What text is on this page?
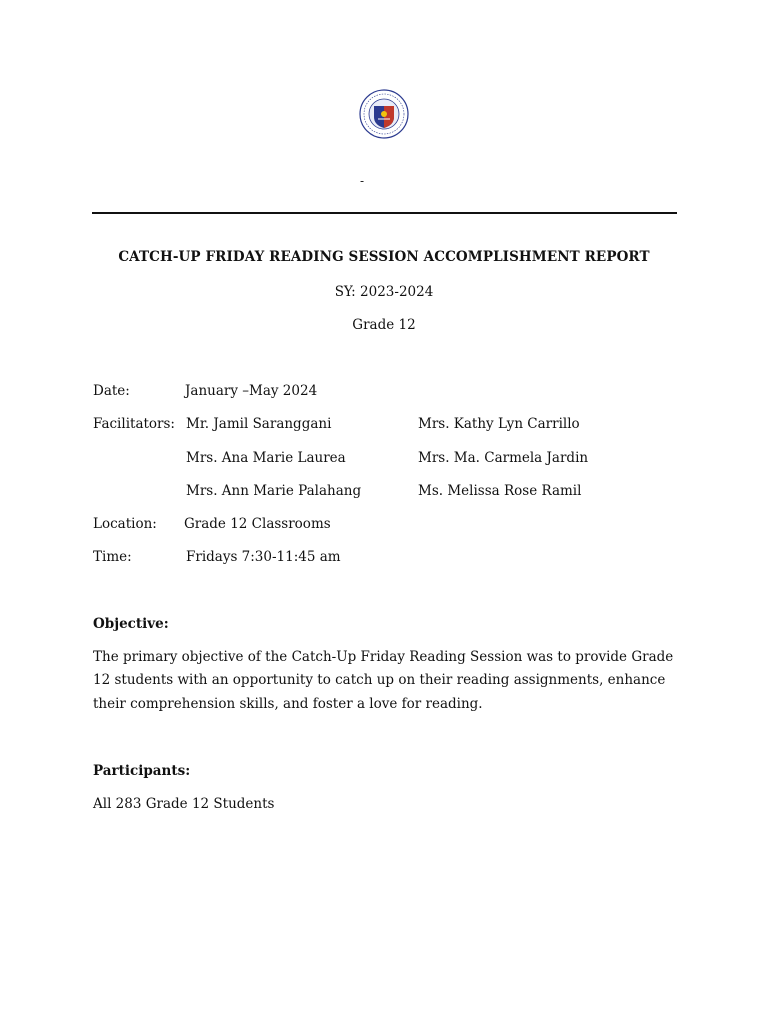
-
CATCH-UP FRIDAY READING SESSION ACCOMPLISHMENT REPORT
SY: 2023-2024
Grade 12
Date:	January –May 2024
Facilitators: Mr. Jamil Saranggani	Mrs. Kathy Lyn Carrillo
Mrs. Ana Marie Laurea	Mrs. Ma. Carmela Jardin
Mrs. Ann Marie Palahang	Ms. Melissa Rose Ramil
Location: Grade 12 Classrooms
Time:	Fridays 7:30-11:45 am
Objective:
The primary objective of the Catch-Up Friday Reading Session was to provide Grade 12 students with an opportunity to catch up on their reading assignments, enhance their comprehension skills, and foster a love for reading.
Participants:
All 283 Grade 12 Students
